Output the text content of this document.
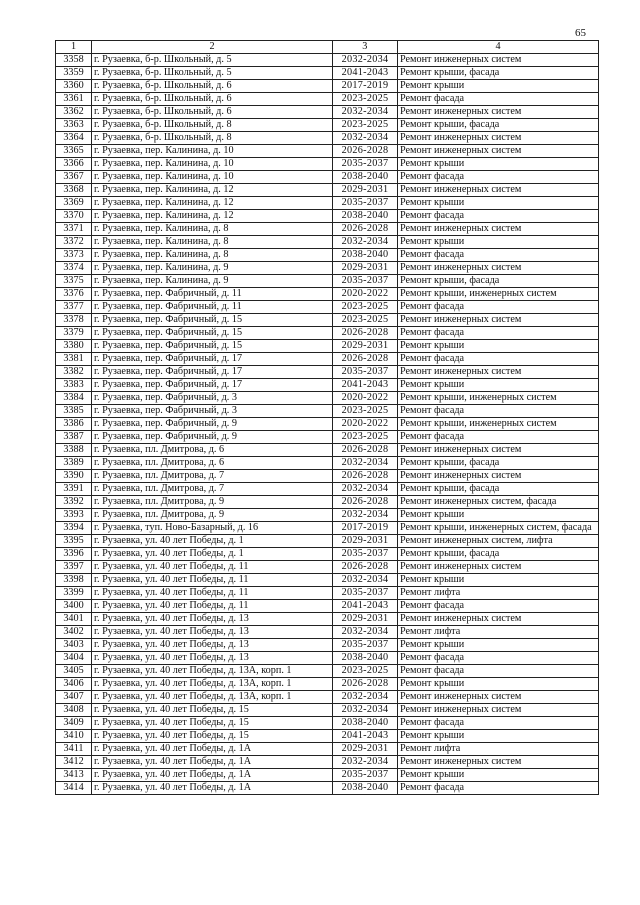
65
1	2	3	4
3358	г. Рузаевка, б-р. Школьный, д. 5	2032-2034	Ремонт инженерных систем
3359	г. Рузаевка, б-р. Школьный, д. 5	2041-2043	Ремонт крыши, фасада
3360	г. Рузаевка, б-р. Школьный, д. 6	2017-2019	Ремонт крыши
3361	г. Рузаевка, б-р. Школьный, д. 6	2023-2025	Ремонт фасада
3362	г. Рузаевка, б-р. Школьный, д. 6	2032-2034	Ремонт инженерных систем
3363	г. Рузаевка, б-р. Школьный, д. 8	2023-2025	Ремонт крыши, фасада
3364	г. Рузаевка, б-р. Школьный, д. 8	2032-2034	Ремонт инженерных систем
3365	г. Рузаевка, пер. Калинина, д. 10	2026-2028	Ремонт инженерных систем
3366	г. Рузаевка, пер. Калинина, д. 10	2035-2037	Ремонт крыши
3367	г. Рузаевка, пер. Калинина, д. 10	2038-2040	Ремонт фасада
3368	г. Рузаевка, пер. Калинина, д. 12	2029-2031	Ремонт инженерных систем
3369	г. Рузаевка, пер. Калинина, д. 12	2035-2037	Ремонт крыши
3370	г. Рузаевка, пер. Калинина, д. 12	2038-2040	Ремонт фасада
3371	г. Рузаевка, пер. Калинина, д. 8	2026-2028	Ремонт инженерных систем
3372	г. Рузаевка, пер. Калинина, д. 8	2032-2034	Ремонт крыши
3373	г. Рузаевка, пер. Калинина, д. 8	2038-2040	Ремонт фасада
3374	г. Рузаевка, пер. Калинина, д. 9	2029-2031	Ремонт инженерных систем
3375	г. Рузаевка, пер. Калинина, д. 9	2035-2037	Ремонт крыши, фасада
3376	г. Рузаевка, пер. Фабричный, д. 11	2020-2022	Ремонт крыши, инженерных систем
3377	г. Рузаевка, пер. Фабричный, д. 11	2023-2025	Ремонт фасада
3378	г. Рузаевка, пер. Фабричный, д. 15	2023-2025	Ремонт инженерных систем
3379	г. Рузаевка, пер. Фабричный, д. 15	2026-2028	Ремонт фасада
3380	г. Рузаевка, пер. Фабричный, д. 15	2029-2031	Ремонт крыши
3381	г. Рузаевка, пер. Фабричный, д. 17	2026-2028	Ремонт фасада
3382	г. Рузаевка, пер. Фабричный, д. 17	2035-2037	Ремонт инженерных систем
3383	г. Рузаевка, пер. Фабричный, д. 17	2041-2043	Ремонт крыши
3384	г. Рузаевка, пер. Фабричный, д. 3	2020-2022	Ремонт крыши, инженерных систем
3385	г. Рузаевка, пер. Фабричный, д. 3	2023-2025	Ремонт фасада
3386	г. Рузаевка, пер. Фабричный, д. 9	2020-2022	Ремонт крыши, инженерных систем
3387	г. Рузаевка, пер. Фабричный, д. 9	2023-2025	Ремонт фасада
3388	г. Рузаевка, пл. Дмитрова, д. 6	2026-2028	Ремонт инженерных систем
3389	г. Рузаевка, пл. Дмитрова, д. 6	2032-2034	Ремонт крыши, фасада
3390	г. Рузаевка, пл. Дмитрова, д. 7	2026-2028	Ремонт инженерных систем
3391	г. Рузаевка, пл. Дмитрова, д. 7	2032-2034	Ремонт крыши, фасада
3392	г. Рузаевка, пл. Дмитрова, д. 9	2026-2028	Ремонт инженерных систем, фасада
3393	г. Рузаевка, пл. Дмитрова, д. 9	2032-2034	Ремонт крыши
3394	г. Рузаевка, туп. Ново-Базарный, д. 16	2017-2019	Ремонт крыши, инженерных систем, фасада
3395	г. Рузаевка, ул. 40 лет Победы, д. 1	2029-2031	Ремонт инженерных систем, лифта
3396	г. Рузаевка, ул. 40 лет Победы, д. 1	2035-2037	Ремонт крыши, фасада
3397	г. Рузаевка, ул. 40 лет Победы, д. 11	2026-2028	Ремонт инженерных систем
3398	г. Рузаевка, ул. 40 лет Победы, д. 11	2032-2034	Ремонт крыши
3399	г. Рузаевка, ул. 40 лет Победы, д. 11	2035-2037	Ремонт лифта
3400	г. Рузаевка, ул. 40 лет Победы, д. 11	2041-2043	Ремонт фасада
3401	г. Рузаевка, ул. 40 лет Победы, д. 13	2029-2031	Ремонт инженерных систем
3402	г. Рузаевка, ул. 40 лет Победы, д. 13	2032-2034	Ремонт лифта
3403	г. Рузаевка, ул. 40 лет Победы, д. 13	2035-2037	Ремонт крыши
3404	г. Рузаевка, ул. 40 лет Победы, д. 13	2038-2040	Ремонт фасада
3405	г. Рузаевка, ул. 40 лет Победы, д. 13А, корп. 1	2023-2025	Ремонт фасада
3406	г. Рузаевка, ул. 40 лет Победы, д. 13А, корп. 1	2026-2028	Ремонт крыши
3407	г. Рузаевка, ул. 40 лет Победы, д. 13А, корп. 1	2032-2034	Ремонт инженерных систем
3408	г. Рузаевка, ул. 40 лет Победы, д. 15	2032-2034	Ремонт инженерных систем
3409	г. Рузаевка, ул. 40 лет Победы, д. 15	2038-2040	Ремонт фасада
3410	г. Рузаевка, ул. 40 лет Победы, д. 15	2041-2043	Ремонт крыши
3411	г. Рузаевка, ул. 40 лет Победы, д. 1А	2029-2031	Ремонт лифта
3412	г. Рузаевка, ул. 40 лет Победы, д. 1А	2032-2034	Ремонт инженерных систем
3413	г. Рузаевка, ул. 40 лет Победы, д. 1А	2035-2037	Ремонт крыши
3414	г. Рузаевка, ул. 40 лет Победы, д. 1А	2038-2040	Ремонт фасада
